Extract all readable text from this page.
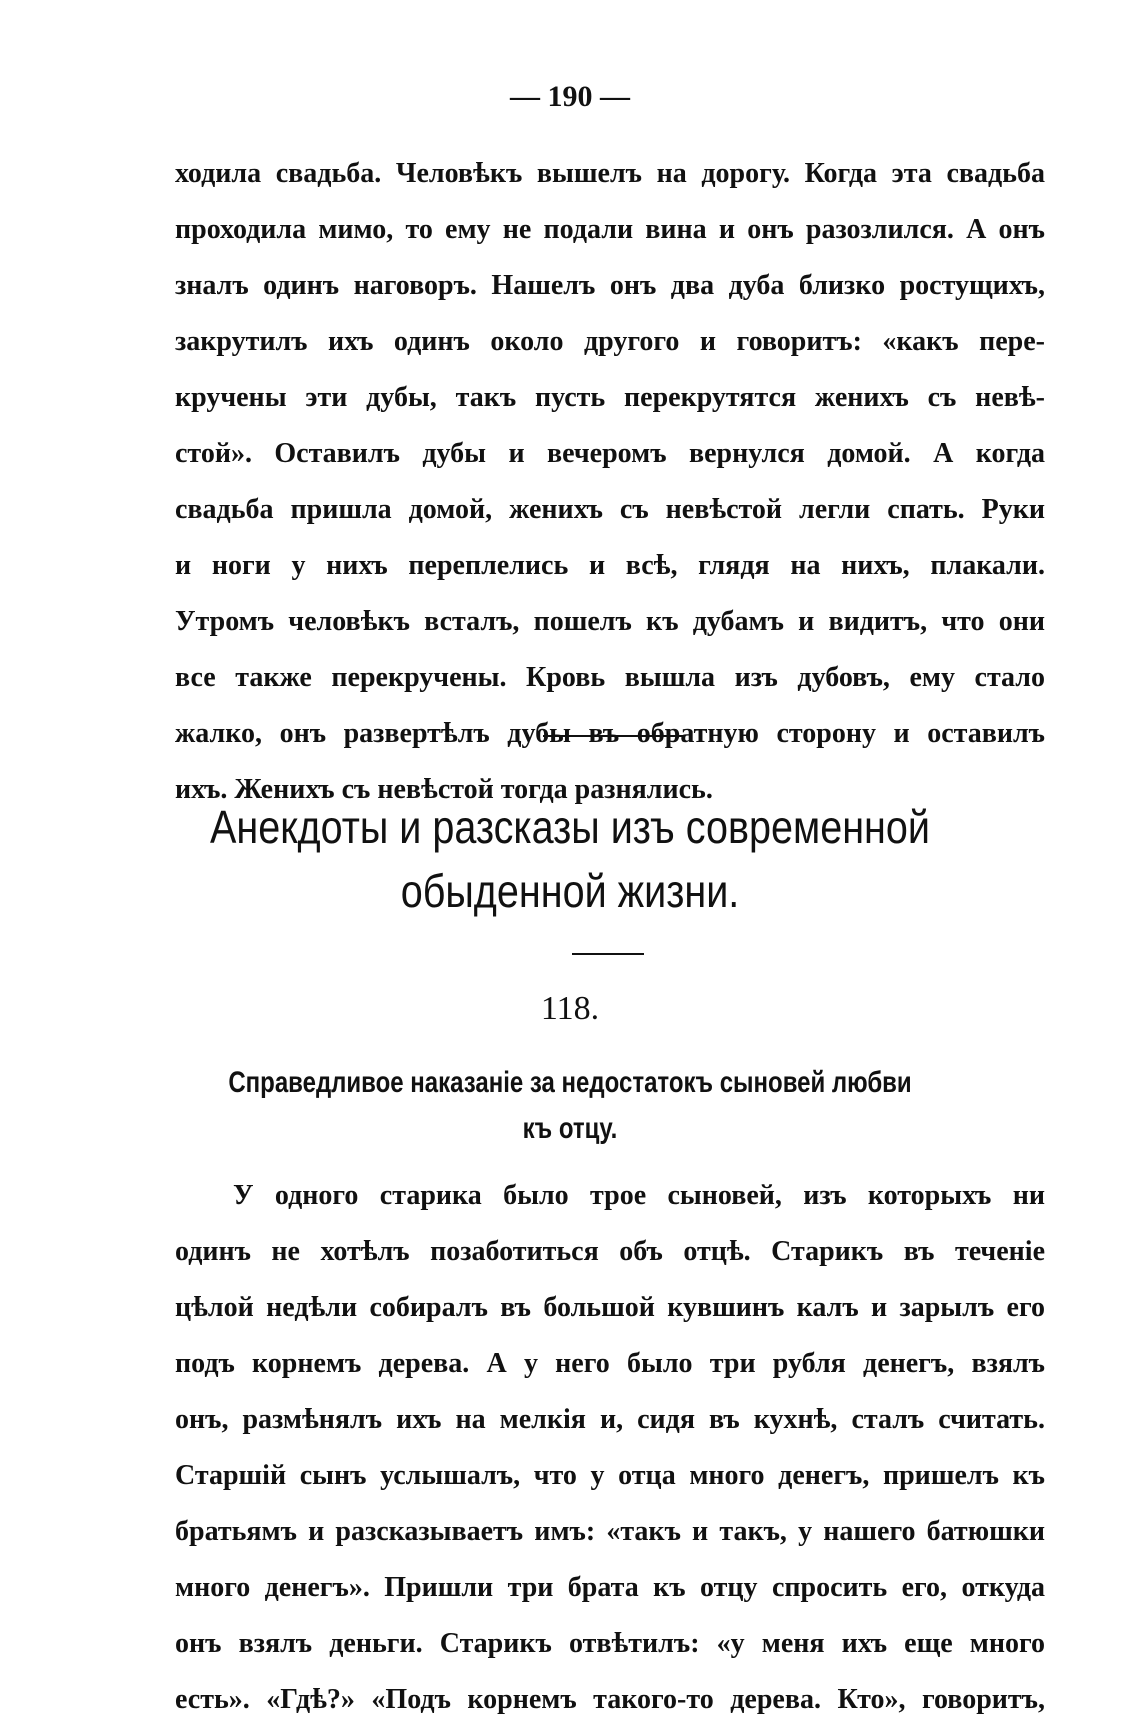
— 190 —
ходила свадьба. Человѣкъ вышелъ на дорогу. Когда эта свадьба
проходила мимо, то ему не подали вина и онъ разозлился. А онъ
зналъ одинъ наговоръ. Нашелъ онъ два дуба близко ростущихъ,
закрутилъ ихъ одинъ около другого и говоритъ: «какъ пере-
кручены эти дубы, такъ пусть перекрутятся женихъ съ невѣ-
стой». Оставилъ дубы и вечеромъ вернулся домой. А когда
свадьба пришла домой, женихъ съ невѣстой легли спать. Руки
и ноги у нихъ переплелись и всѣ, глядя на нихъ, плакали.
Утромъ человѣкъ всталъ, пошелъ къ дубамъ и видитъ, что они
все также перекручены. Кровь вышла изъ дубовъ, ему стало
жалко, онъ развертѣлъ дубы въ обратную сторону и оставилъ
ихъ. Женихъ съ невѣстой тогда разнялись.
Анекдоты и разсказы изъ современной
обыденной жизни.
118.
Справедливое наказаніе за недостатокъ сыновей любви
къ отцу.
У одного старика было трое сыновей, изъ которыхъ ни
одинъ не хотѣлъ позаботиться объ отцѣ. Старикъ въ теченіе
цѣлой недѣли собиралъ въ большой кувшинъ калъ и зарылъ его
подъ корнемъ дерева. А у него было три рубля денегъ, взялъ
онъ, размѣнялъ ихъ на мелкія и, сидя въ кухнѣ, сталъ считать.
Старшій сынъ услышалъ, что у отца много денегъ, пришелъ къ
братьямъ и разсказываетъ имъ: «такъ и такъ, у нашего батюшки
много денегъ». Пришли три брата къ отцу спросить его, откуда
онъ взялъ деньги. Старикъ отвѣтилъ: «у меня ихъ еще много
есть». «Гдѣ?» «Подъ корнемъ такого-то дерева. Кто», говоритъ,
